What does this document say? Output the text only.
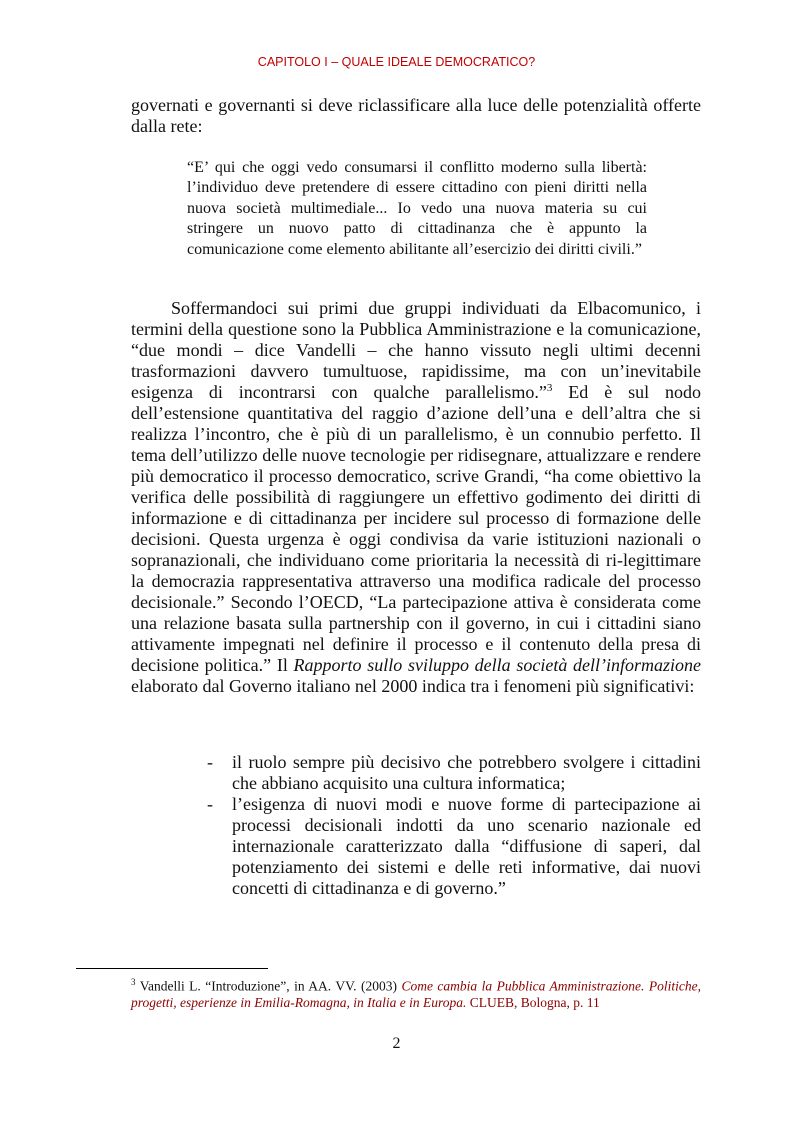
CAPITOLO I – QUALE IDEALE DEMOCRATICO?

governati e governanti si deve riclassificare alla luce delle potenzialità offerte dalla rete:

“E’ qui che oggi vedo consumarsi il conflitto moderno sulla libertà: l’individuo deve pretendere di essere cittadino con pieni diritti nella nuova società multimediale... Io vedo una nuova materia su cui stringere un nuovo patto di cittadinanza che è appunto la comunicazione come elemento abilitante all’esercizio dei diritti civili.”

Soffermandoci sui primi due gruppi individuati da Elbacomunico, i termini della questione sono la Pubblica Amministrazione e la comunicazione, “due mondi – dice Vandelli – che hanno vissuto negli ultimi decenni trasformazioni davvero tumultuose, rapidissime, ma con un’inevitabile esigenza di incontrarsi con qualche parallelismo.”$^3$ Ed è sul nodo dell’estensione quantitativa del raggio d’azione dell’una e dell’altra che si realizza l’incontro, che è più di un parallelismo, è un connubio perfetto. Il tema dell’utilizzo delle nuove tecnologie per ridisegnare, attualizzare e rendere più democratico il processo democratico, scrive Grandi, “ha come obiettivo la verifica delle possibilità di raggiungere un effettivo godimento dei diritti di informazione e di cittadinanza per incidere sul processo di formazione delle decisioni. Questa urgenza è oggi condivisa da varie istituzioni nazionali o sopranazionali, che individuano come prioritaria la necessità di ri-legittimare la democrazia rappresentativa attraverso una modifica radicale del processo decisionale.” Secondo l’OECD, “La partecipazione attiva è considerata come una relazione basata sulla partnership con il governo, in cui i cittadini siano attivamente impegnati nel definire il processo e il contenuto della presa di decisione politica.” Il Rapporto sullo sviluppo della società dell’informazione elaborato dal Governo italiano nel 2000 indica tra i fenomeni più significativi:

- il ruolo sempre più decisivo che potrebbero svolgere i cittadini che abbiano acquisito una cultura informatica;
- l’esigenza di nuovi modi e nuove forme di partecipazione ai processi decisionali indotti da uno scenario nazionale ed internazionale caratterizzato dalla “diffusione di saperi, dal potenziamento dei sistemi e delle reti informative, dai nuovi concetti di cittadinanza e di governo.”

$^3$ Vandelli L. “Introduzione”, in AA. VV. (2003) Come cambia la Pubblica Amministrazione. Politiche, progetti, esperienze in Emilia-Romagna, in Italia e in Europa. CLUEB, Bologna, p. 11

2
